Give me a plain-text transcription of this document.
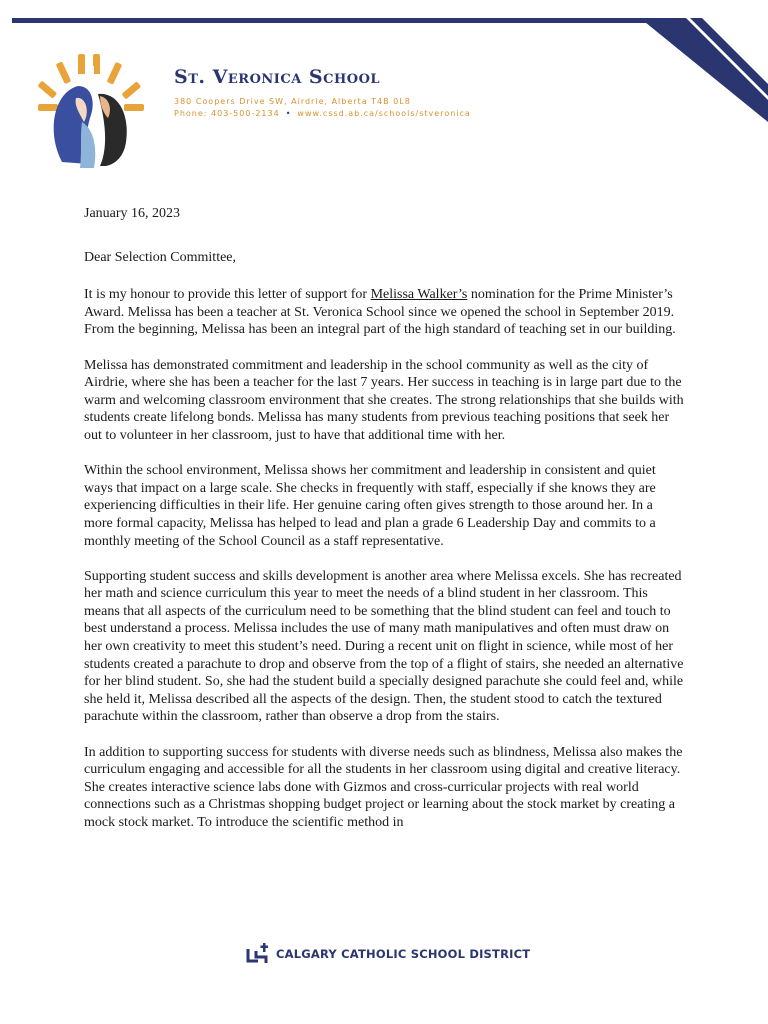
St. Veronica School
380 Coopers Drive SW, Airdrie, Alberta T4B 0L8
Phone: 403-500-2134 • www.cssd.ab.ca/schools/stveronica

January 16, 2023

Dear Selection Committee,

It is my honour to provide this letter of support for Melissa Walker’s nomination for the Prime Minister’s Award. Melissa has been a teacher at St. Veronica School since we opened the school in September 2019. From the beginning, Melissa has been an integral part of the high standard of teaching set in our building.

Melissa has demonstrated commitment and leadership in the school community as well as the city of Airdrie, where she has been a teacher for the last 7 years. Her success in teaching is in large part due to the warm and welcoming classroom environment that she creates. The strong relationships that she builds with students create lifelong bonds. Melissa has many students from previous teaching positions that seek her out to volunteer in her classroom, just to have that additional time with her.

Within the school environment, Melissa shows her commitment and leadership in consistent and quiet ways that impact on a large scale. She checks in frequently with staff, especially if she knows they are experiencing difficulties in their life. Her genuine caring often gives strength to those around her. In a more formal capacity, Melissa has helped to lead and plan a grade 6 Leadership Day and commits to a monthly meeting of the School Council as a staff representative.

Supporting student success and skills development is another area where Melissa excels. She has recreated her math and science curriculum this year to meet the needs of a blind student in her classroom. This means that all aspects of the curriculum need to be something that the blind student can feel and touch to best understand a process. Melissa includes the use of many math manipulatives and often must draw on her own creativity to meet this student’s need. During a recent unit on flight in science, while most of her students created a parachute to drop and observe from the top of a flight of stairs, she needed an alternative for her blind student. So, she had the student build a specially designed parachute she could feel and, while she held it, Melissa described all the aspects of the design. Then, the student stood to catch the textured parachute within the classroom, rather than observe a drop from the stairs.

In addition to supporting success for students with diverse needs such as blindness, Melissa also makes the curriculum engaging and accessible for all the students in her classroom using digital and creative literacy. She creates interactive science labs done with Gizmos and cross-curricular projects with real world connections such as a Christmas shopping budget project or learning about the stock market by creating a mock stock market. To introduce the scientific method in

CALGARY CATHOLIC SCHOOL DISTRICT
